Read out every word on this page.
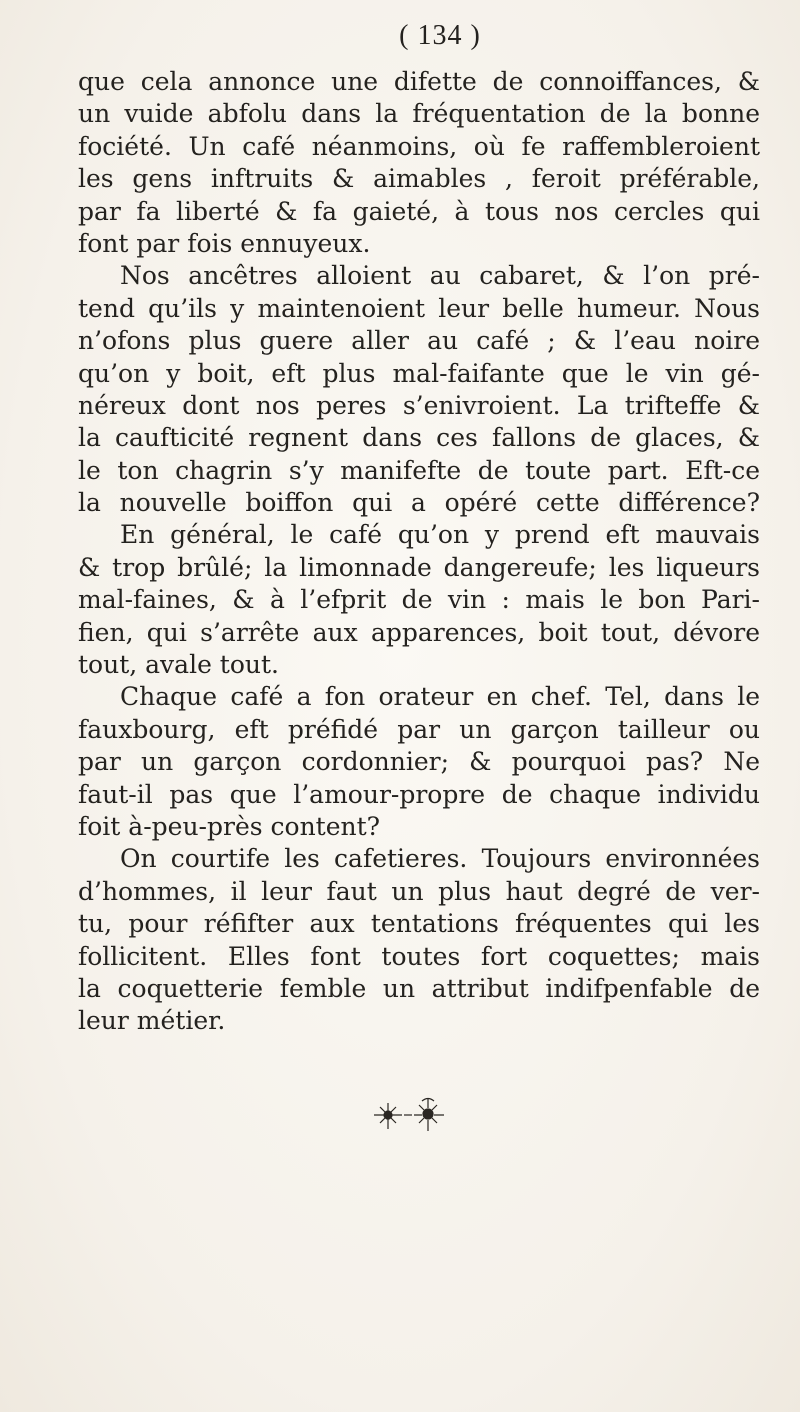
( 134 )
que cela annonce une difette de connoiffances, &
un vuide abfolu dans la fréquentation de la bonne
fociété. Un café néanmoins, où fe raffembleroient
les gens inftruits & aimables , feroit préférable,
par fa liberté & fa gaieté, à tous nos cercles qui
font par fois ennuyeux.
Nos ancêtres alloient au cabaret, & l’on pré-
tend qu’ils y maintenoient leur belle humeur. Nous
n’ofons plus guere aller au café ; & l’eau noire
qu’on y boit, eft plus mal-faifante que le vin gé-
néreux dont nos peres s’enivroient. La trifteffe &
la caufticité regnent dans ces fallons de glaces, &
le ton chagrin s’y manifefte de toute part. Eft-ce
la nouvelle boiffon qui a opéré cette différence?
En général, le café qu’on y prend eft mauvais
& trop brûlé; la limonnade dangereufe; les liqueurs
mal-faines, & à l’efprit de vin : mais le bon Pari-
fien, qui s’arrête aux apparences, boit tout, dévore
tout, avale tout.
Chaque café a fon orateur en chef. Tel, dans le
fauxbourg, eft préfidé par un garçon tailleur ou
par un garçon cordonnier; & pourquoi pas? Ne
faut-il pas que l’amour-propre de chaque individu
foit à-peu-près content?
On courtife les cafetieres. Toujours environnées
d’hommes, il leur faut un plus haut degré de ver-
tu, pour réfifter aux tentations fréquentes qui les
follicitent. Elles font toutes fort coquettes; mais
la coquetterie femble un attribut indifpenfable de
leur métier.
